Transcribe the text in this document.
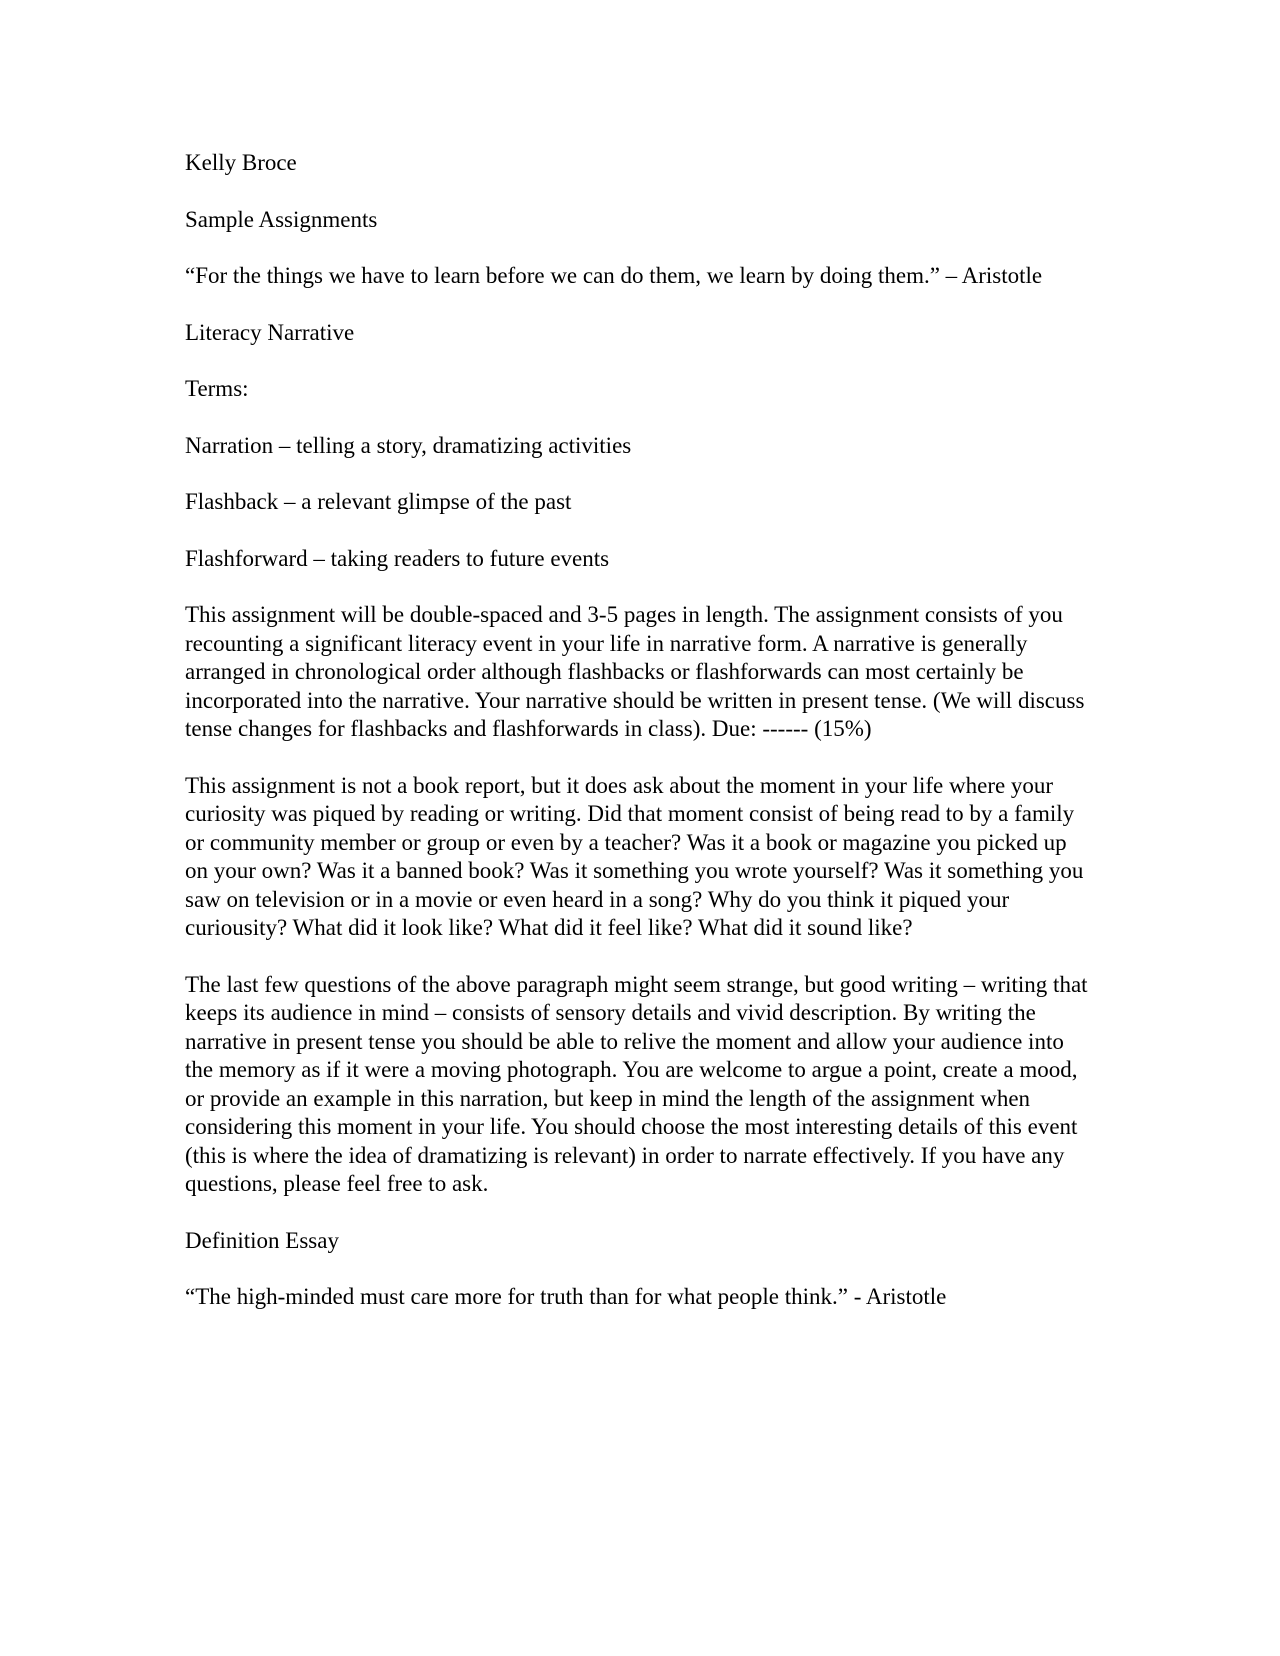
Kelly Broce

Sample Assignments

“For the things we have to learn before we can do them, we learn by doing them.” – Aristotle

Literacy Narrative

Terms:

Narration – telling a story, dramatizing activities

Flashback – a relevant glimpse of the past

Flashforward – taking readers to future events

This assignment will be double-spaced and 3-5 pages in length. The assignment consists of you recounting a significant literacy event in your life in narrative form. A narrative is generally arranged in chronological order although flashbacks or flashforwards can most certainly be incorporated into the narrative. Your narrative should be written in present tense. (We will discuss tense changes for flashbacks and flashforwards in class). Due: ------ (15%)

This assignment is not a book report, but it does ask about the moment in your life where your curiosity was piqued by reading or writing. Did that moment consist of being read to by a family or community member or group or even by a teacher? Was it a book or magazine you picked up on your own? Was it a banned book? Was it something you wrote yourself? Was it something you saw on television or in a movie or even heard in a song? Why do you think it piqued your curiousity? What did it look like? What did it feel like? What did it sound like?

The last few questions of the above paragraph might seem strange, but good writing – writing that keeps its audience in mind – consists of sensory details and vivid description. By writing the narrative in present tense you should be able to relive the moment and allow your audience into the memory as if it were a moving photograph. You are welcome to argue a point, create a mood, or provide an example in this narration, but keep in mind the length of the assignment when considering this moment in your life. You should choose the most interesting details of this event (this is where the idea of dramatizing is relevant) in order to narrate effectively. If you have any questions, please feel free to ask.

Definition Essay

“The high-minded must care more for truth than for what people think.” - Aristotle
